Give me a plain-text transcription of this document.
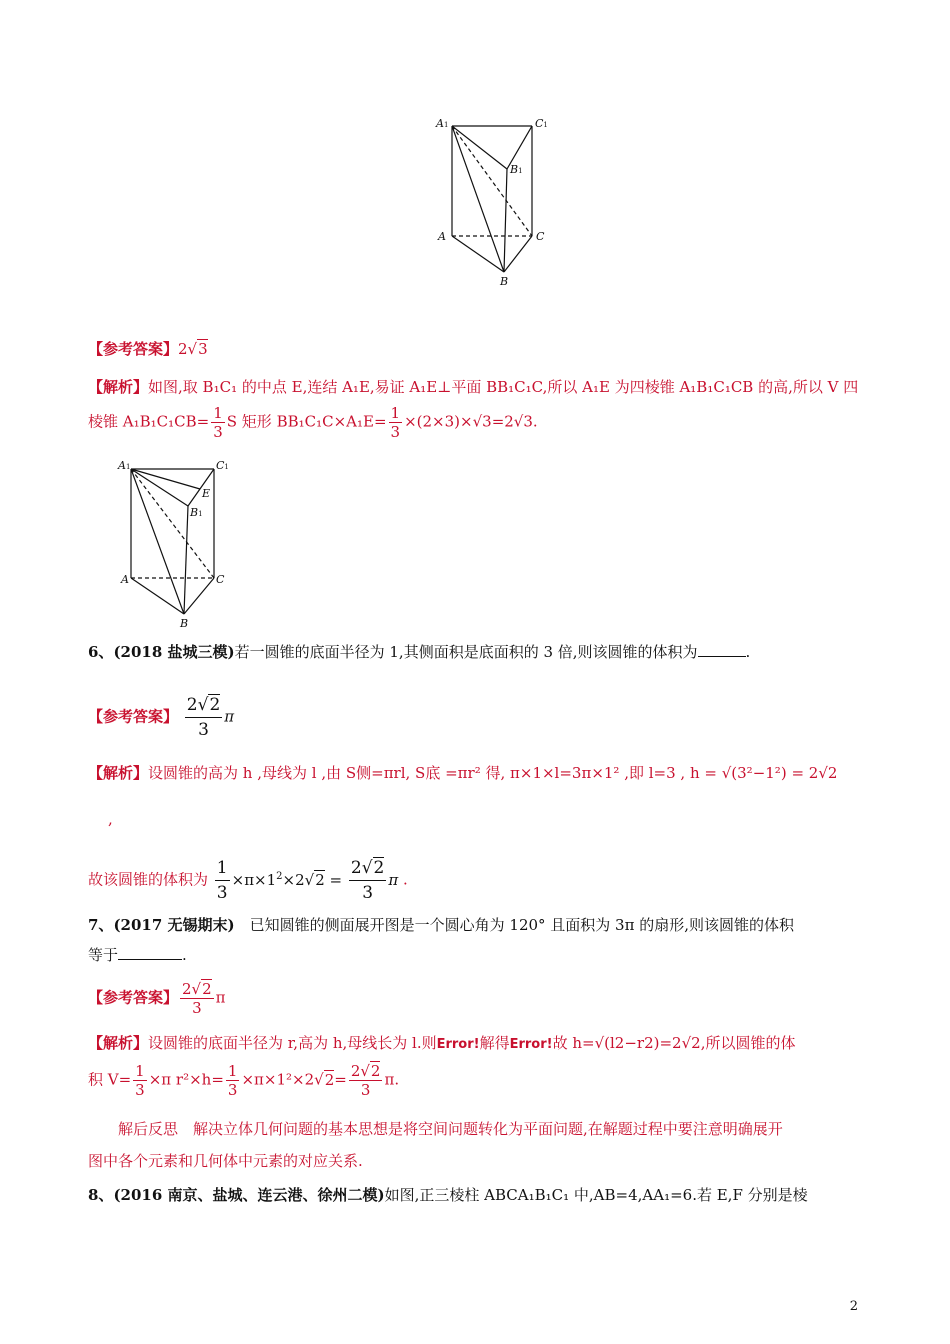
A1	C1
B1
A	C
B
【参考答案】2√3
【解析】如图,取 B₁C₁ 的中点 E,连结 A₁E,易证 A₁E⊥平面 BB₁C₁C,所以 A₁E 为四棱锥 A₁B₁C₁CB 的高,所以 V 四
棱锥 $A_1B_1C_1CB= \frac{1}{3}$ S 矩形 $BB_1C_1C\times A_1E= \frac{1}{3} \times(2\times 3)\times√3=2√3$.
A1	C1
E
B1
A	C
B
6、(2018 盐城三模)若一圆锥的底面半径为 1,其侧面积是底面积的 3 倍,则该圆锥的体积为	.
【参考答案】 $\frac{2√2}{3}$ π
【解析】设圆锥的高为 h ,母线为 l ,由 S侧=πrl, S底 =πr² 得, π×1×l=3π×1² ,即 l=3 , h = √(3²−1²) = 2√2
,
故该圆锥的体积为 $\frac{1}{3} \times\pi\times 1^2\times 2√2 = \frac{2√2}{3}$ π .
7、(2017 无锡期末)　 已知圆锥的侧面展开图是一个圆心角为 120° 且面积为 3π 的扇形,则该圆锥的体积
等于	.
【参考答案】 $\frac{2√2}{3}$ π
【解析】设圆锥的底面半径为 r,高为 h,母线长为 l.则Error!解得Error!故 h=√(l2−r2)=2√2,所以圆锥的体
积 $V= \frac{1}{3} \times\pi$ $r^2\times h= \frac{1}{3} \times\pi\times 1^2\times 2√2= \frac{2√2}{3} \pi$.
解后反思　解决立体几何问题的基本思想是将空间问题转化为平面问题,在解题过程中要注意明确展开
图中各个元素和几何体中元素的对应关系.
8、(2016 南京、盐城、连云港、徐州二模)如图,正三棱柱 ABCA₁B₁C₁ 中,AB=4,AA₁=6.若 E,F 分别是棱
2
